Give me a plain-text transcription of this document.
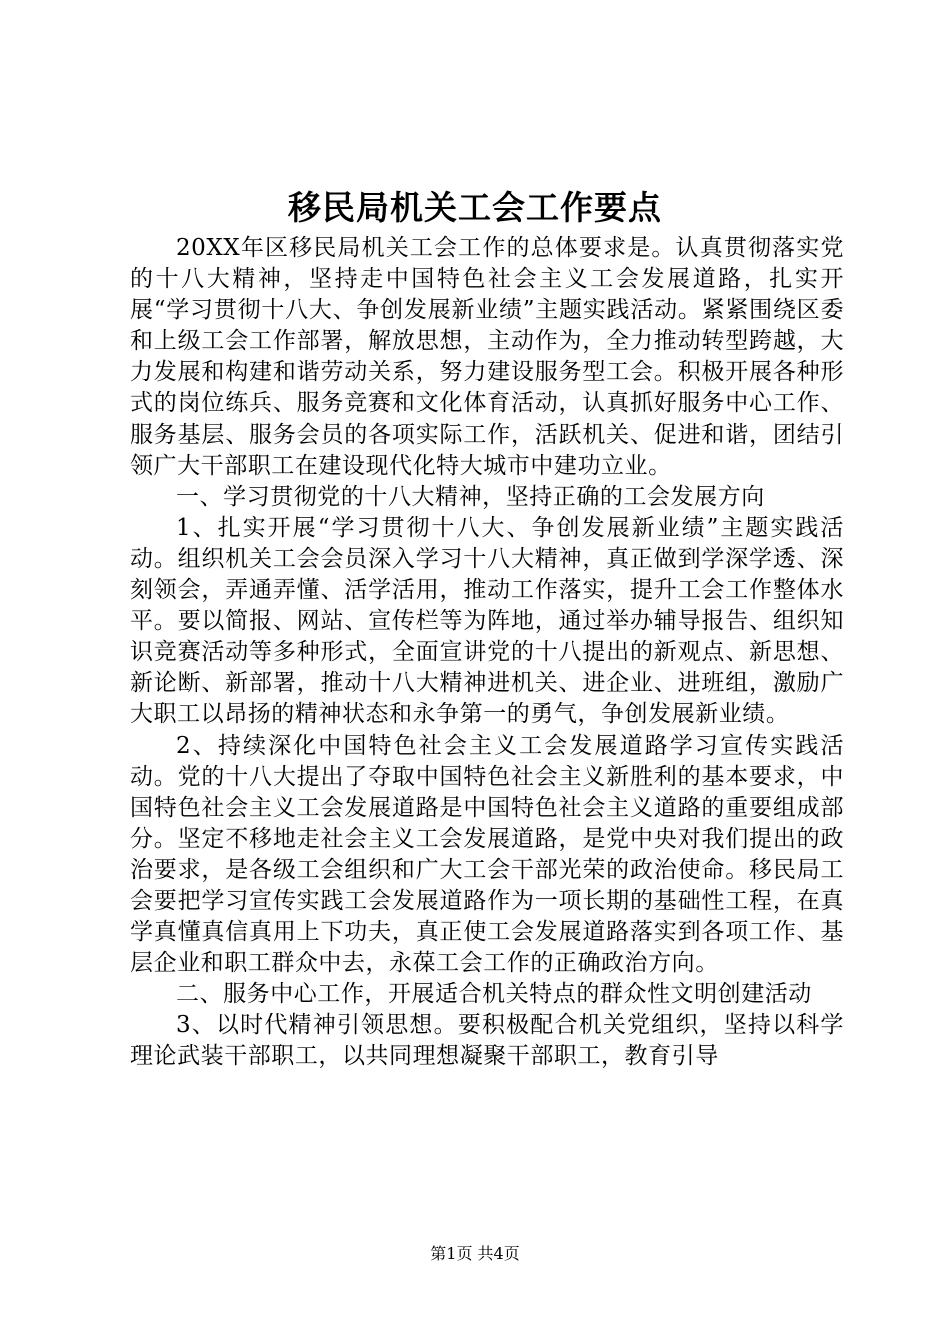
移民局机关工会工作要点

20XX年区移民局机关工会工作的总体要求是。认真贯彻落实党的十八大精神，坚持走中国特色社会主义工会发展道路，扎实开展“学习贯彻十八大、争创发展新业绩”主题实践活动。紧紧围绕区委和上级工会工作部署，解放思想，主动作为，全力推动转型跨越，大力发展和构建和谐劳动关系，努力建设服务型工会。积极开展各种形式的岗位练兵、服务竞赛和文化体育活动，认真抓好服务中心工作、服务基层、服务会员的各项实际工作，活跃机关、促进和谐，团结引领广大干部职工在建设现代化特大城市中建功立业。

一、学习贯彻党的十八大精神，坚持正确的工会发展方向

1、扎实开展“学习贯彻十八大、争创发展新业绩”主题实践活动。组织机关工会会员深入学习十八大精神，真正做到学深学透、深刻领会，弄通弄懂、活学活用，推动工作落实，提升工会工作整体水平。要以简报、网站、宣传栏等为阵地，通过举办辅导报告、组织知识竞赛活动等多种形式，全面宣讲党的十八提出的新观点、新思想、新论断、新部署，推动十八大精神进机关、进企业、进班组，激励广大职工以昂扬的精神状态和永争第一的勇气，争创发展新业绩。

2、持续深化中国特色社会主义工会发展道路学习宣传实践活动。党的十八大提出了夺取中国特色社会主义新胜利的基本要求，中国特色社会主义工会发展道路是中国特色社会主义道路的重要组成部分。坚定不移地走社会主义工会发展道路，是党中央对我们提出的政治要求，是各级工会组织和广大工会干部光荣的政治使命。移民局工会要把学习宣传实践工会发展道路作为一项长期的基础性工程，在真学真懂真信真用上下功夫，真正使工会发展道路落实到各项工作、基层企业和职工群众中去，永葆工会工作的正确政治方向。

二、服务中心工作，开展适合机关特点的群众性文明创建活动

3、以时代精神引领思想。要积极配合机关党组织，坚持以科学理论武装干部职工，以共同理想凝聚干部职工，教育引导

第1页 共4页
